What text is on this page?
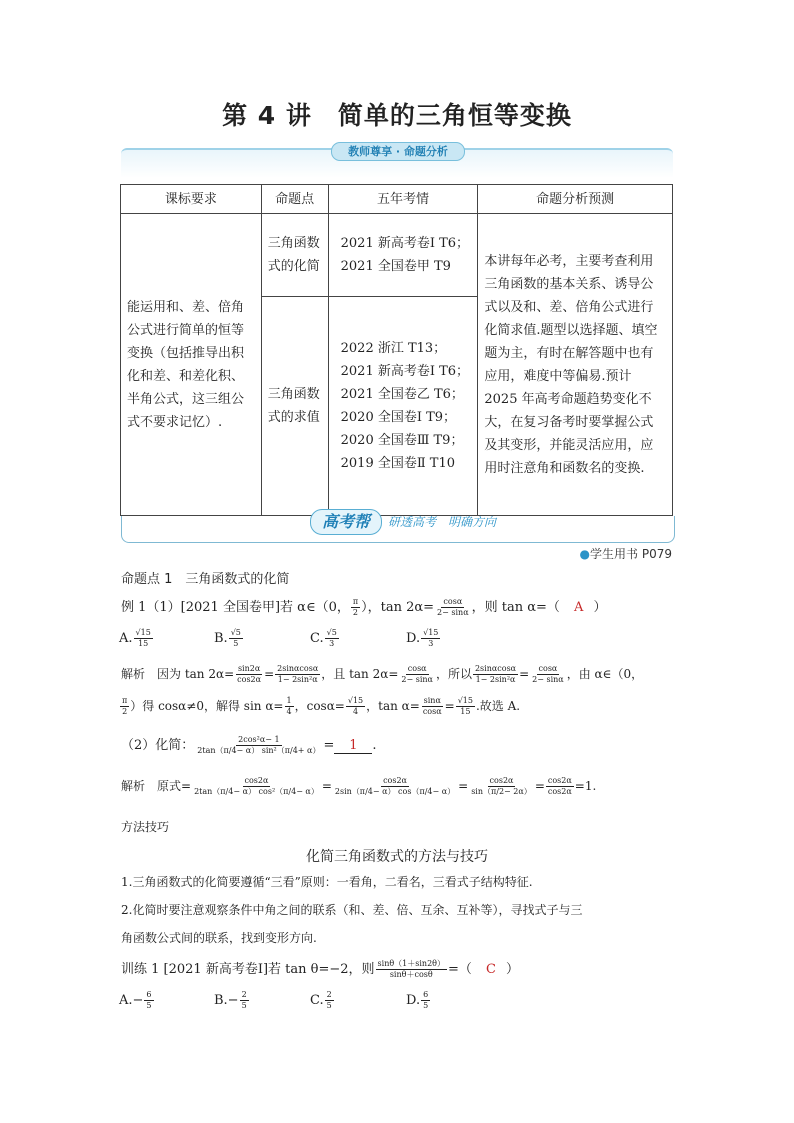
第 4 讲　简单的三角恒等变换
教师尊享 · 命题分析
课标要求	命题点	五年考情	命题分析预测
能运用和、差、倍角公式进行简单的恒等变换（包括推导出积化和差、和差化积、半角公式，这三组公式不要求记忆）.	三角函数式的化简	2021 新高考卷Ⅰ T6；2021 全国卷甲 T9	本讲每年必考，主要考查利用三角函数的基本关系、诱导公式以及和、差、倍角公式进行化简求值.题型以选择题、填空题为主，有时在解答题中也有应用，难度中等偏易.预计 2025 年高考命题趋势变化不大，在复习备考时要掌握公式及其变形，并能灵活应用，应用时注意角和函数名的变换.
	三角函数式的求值	2022 浙江 T13；2021 新高考卷Ⅰ T6；2021 全国卷乙 T6；2020 全国卷Ⅰ T9；2020 全国卷Ⅲ T9；2019 全国卷Ⅱ T10	
高考帮	研透高考　明确方向
●学生用书 P079
命题点 1　三角函数式的化简
例 1（1）[2021 全国卷甲]若 α∈（0， $\frac{\pi}{2}$ ），$\tan 2\alpha= \frac{\cos\alpha}{2- \sin\alpha}$ ，则 tan α=（ A ）
A. $\frac{√15}{15}$	B. $\frac{√5}{5}$	C. $\frac{√5}{3}$	D. $\frac{√15}{3}$
解析 因为 $\tan 2\alpha= \frac{\sin 2\alpha}{\cos 2\alpha} = \frac{2\sin\alpha\cos\alpha}{\text{1− 2sin²α}}$ ，且 $\tan 2\alpha= \frac{\cos\alpha}{2- \sin\alpha}$ ，所以 $\frac{2\sin\alpha\cos\alpha}{\text{1− 2sin²α}} = \frac{\cos\alpha}{2- \sin\alpha}$ ，由 α∈（0，
$\frac{\pi}{2}$ ）得 cosα≠0，解得 $\sin \alpha= \frac{1}{4}$ ，$\cos\alpha= \frac{√15}{4}$ ，$\tan \alpha= \frac{\sin\alpha}{\cos\alpha} = \frac{√15}{15}$ .故选 A.
（2）化简： $\frac{\text{2cos²α− 1}}{\text{2tan（π/4− α） sin²（π/4+ α）}} = 1$ .
解析 原式= $\frac{\cos 2\alpha}{\text{2tan（π/4− α） cos²（π/4− α）}} = \frac{\cos 2\alpha}{2\sin(\pi/4- \alpha) \cos(\pi/4- \alpha)} = \frac{\cos 2\alpha}{\sin(\pi/2- 2\alpha)} = \frac{\cos 2\alpha}{\cos 2\alpha} =1$.
方法技巧
化简三角函数式的方法与技巧
1.三角函数式的化简要遵循“三看”原则：一看角，二看名，三看式子结构特征.
2.化简时要注意观察条件中角之间的联系（和、差、倍、互余、互补等），寻找式子与三
角函数公式间的联系，找到变形方向.
训练 1 [2021 新高考卷Ⅰ]若 tan θ=−2，则 $\frac{\sin\theta(1+\sin 2\theta)}{\sin\theta+\cos\theta}$ =（ C ）
$A.- \frac{6}{5}$	$B.- \frac{2}{5}$	C. $\frac{2}{5}$	D. $\frac{6}{5}$
